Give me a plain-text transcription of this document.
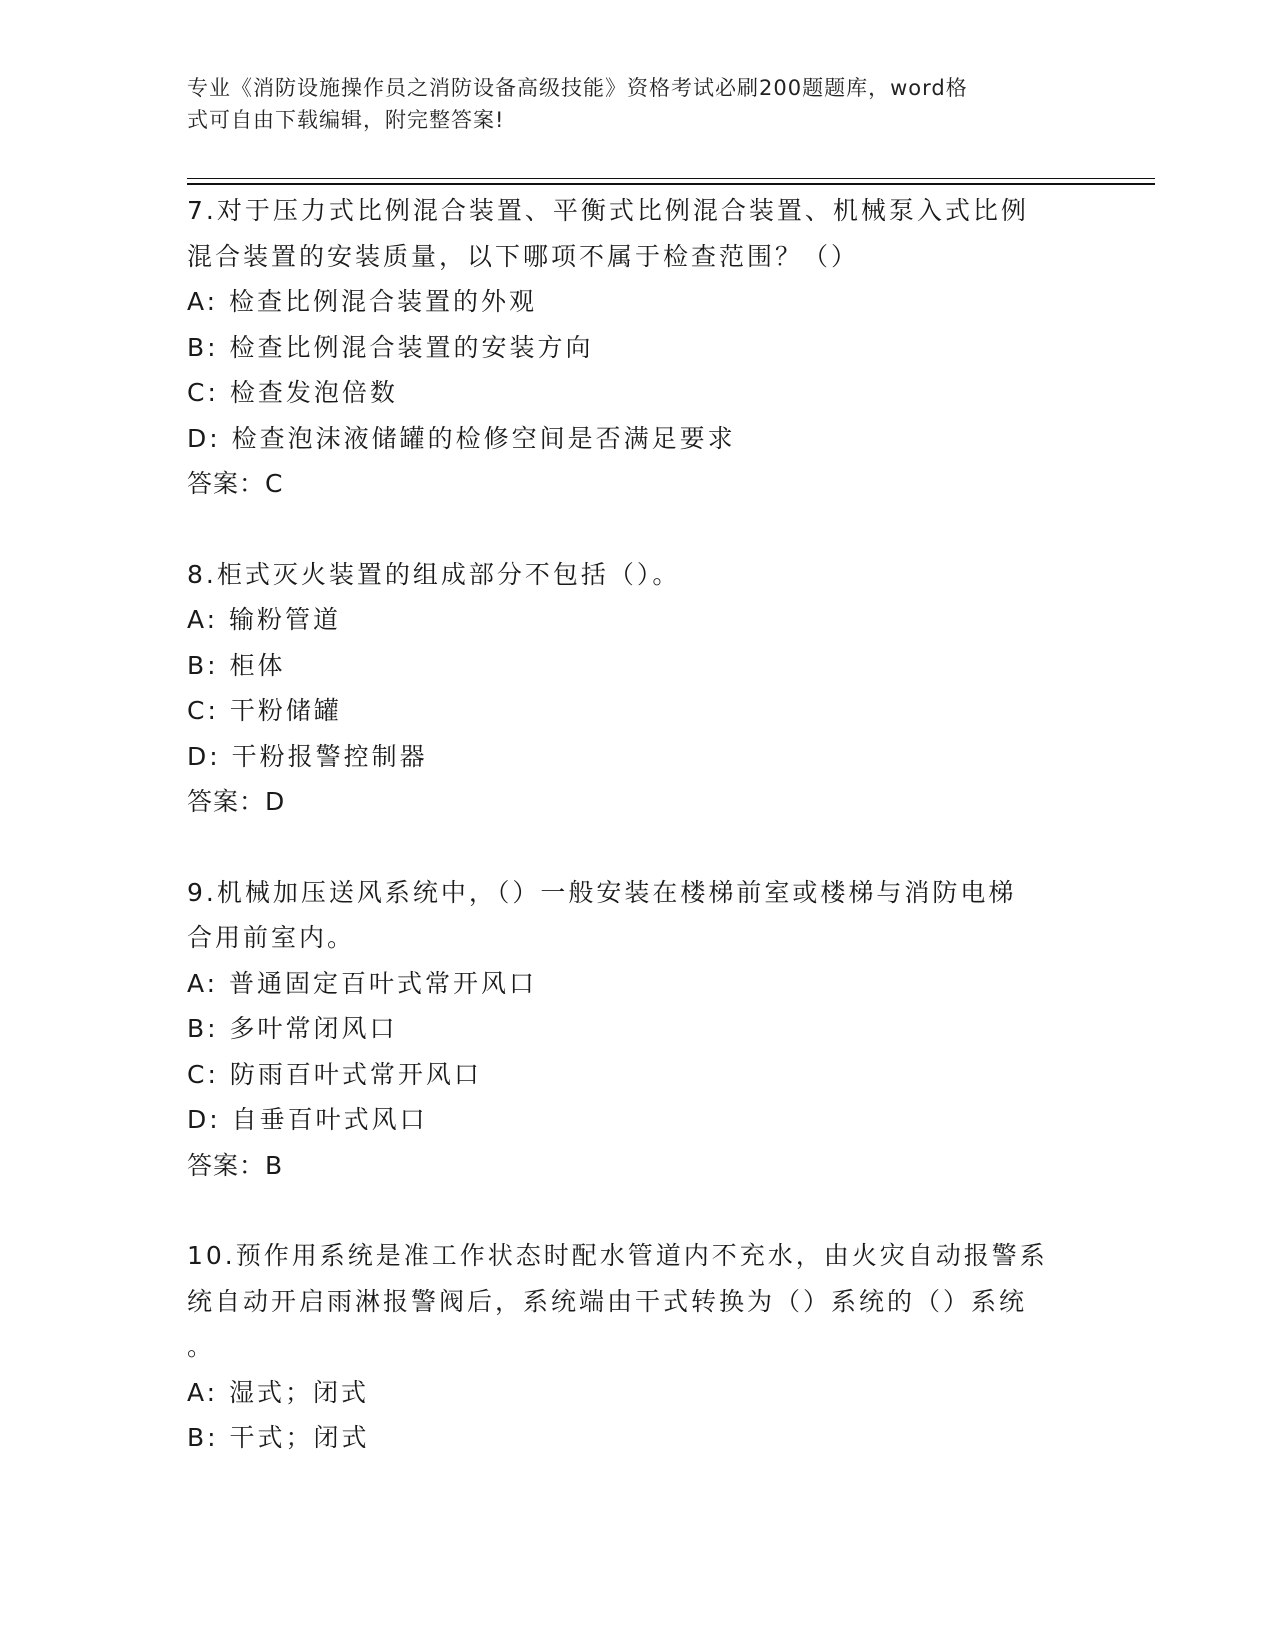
专业《消防设施操作员之消防设备高级技能》资格考试必刷200题题库，word格
式可自由下载编辑，附完整答案!
7.对于压力式比例混合装置、平衡式比例混合装置、机械泵入式比例
混合装置的安装质量，以下哪项不属于检查范围？（）
A: 检查比例混合装置的外观
B: 检查比例混合装置的安装方向
C: 检查发泡倍数
D: 检查泡沫液储罐的检修空间是否满足要求
答案：C
8.柜式灭火装置的组成部分不包括（）。
A: 输粉管道
B: 柜体
C: 干粉储罐
D: 干粉报警控制器
答案：D
9.机械加压送风系统中，（）一般安装在楼梯前室或楼梯与消防电梯
合用前室内。
A: 普通固定百叶式常开风口
B: 多叶常闭风口
C: 防雨百叶式常开风口
D: 自垂百叶式风口
答案：B
10.预作用系统是准工作状态时配水管道内不充水，由火灾自动报警系
统自动开启雨淋报警阀后，系统端由干式转换为（）系统的（）系统
。
A: 湿式；闭式
B: 干式；闭式
